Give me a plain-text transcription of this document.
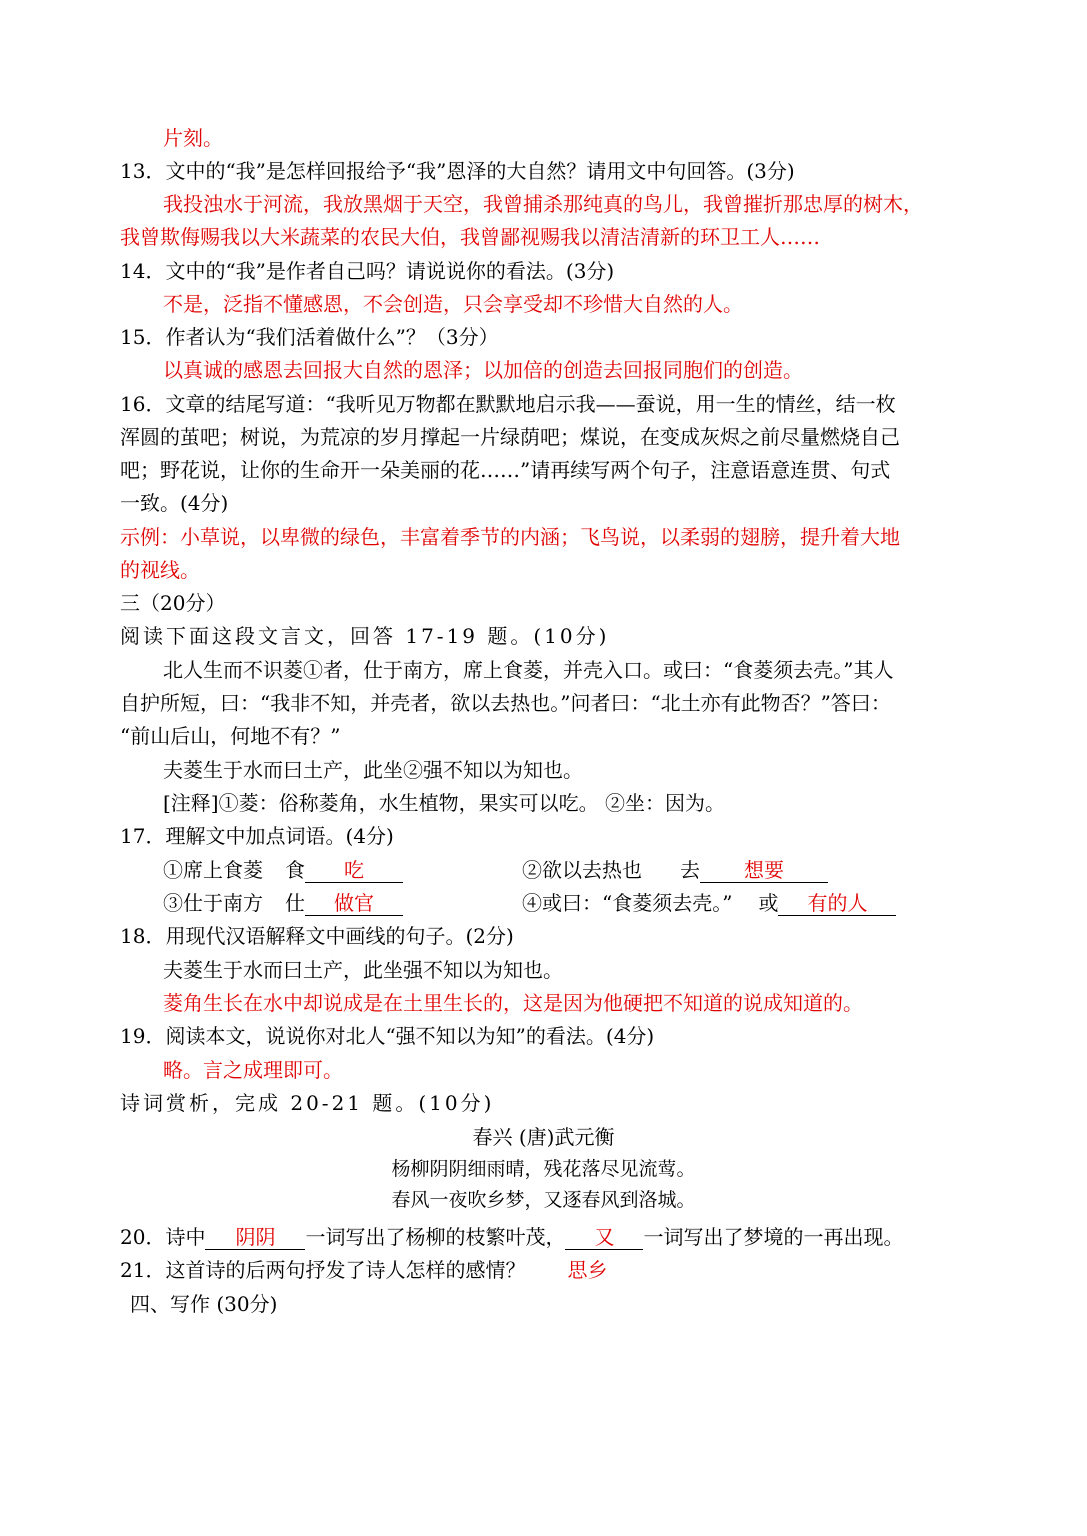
片刻。
13．文中的“我”是怎样回报给予“我”恩泽的大自然？请用文中句回答。(3分)
我投浊水于河流，我放黑烟于天空，我曾捕杀那纯真的鸟儿，我曾摧折那忠厚的树木，
我曾欺侮赐我以大米蔬菜的农民大伯，我曾鄙视赐我以清洁清新的环卫工人……
14．文中的“我”是作者自己吗？请说说你的看法。(3分)
不是，泛指不懂感恩，不会创造，只会享受却不珍惜大自然的人。
15．作者认为“我们活着做什么”？（3分）
以真诚的感恩去回报大自然的恩泽；以加倍的创造去回报同胞们的创造。
16．文章的结尾写道：“我听见万物都在默默地启示我——蚕说，用一生的情丝，结一枚
浑圆的茧吧；树说，为荒凉的岁月撑起一片绿荫吧；煤说，在变成灰烬之前尽量燃烧自己
吧；野花说，让你的生命开一朵美丽的花……”请再续写两个句子，注意语意连贯、句式
一致。(4分)
示例：小草说，以卑微的绿色，丰富着季节的内涵；飞鸟说，以柔弱的翅膀，提升着大地
的视线。
三（20分）
阅读下面这段文言文，回答 17-19 题。(10分)
北人生而不识菱①者，仕于南方，席上食菱，并壳入口。或曰：“食菱须去壳。”其人
自护所短，曰：“我非不知，并壳者，欲以去热也。”问者曰：“北土亦有此物否？”答曰：
“前山后山，何地不有？”
夫菱生于水而曰土产，此坐②强不知以为知也。
[注释]①菱：俗称菱角，水生植物，果实可以吃。 ②坐：因为。
17．理解文中加点词语。(4分)
①席上食菱 食 吃	②欲以去热也 去 想要
③仕于南方 仕 做官	④或曰：“食菱须去壳。” 或 有的人
18．用现代汉语解释文中画线的句子。(2分)
夫菱生于水而曰土产，此坐强不知以为知也。
菱角生长在水中却说成是在土里生长的，这是因为他硬把不知道的说成知道的。
19．阅读本文，说说你对北人“强不知以为知”的看法。(4分)
略。言之成理即可。
诗词赏析，完成 20-21 题。(10分)
春兴 (唐)武元衡
杨柳阴阴细雨晴，残花落尽见流莺。
春风一夜吹乡梦，又逐春风到洛城。
20．诗中 阴阴 一词写出了杨柳的枝繁叶茂， 又 一词写出了梦境的一再出现。
21．这首诗的后两句抒发了诗人怎样的感情？ 思乡
四、写作 (30分)
